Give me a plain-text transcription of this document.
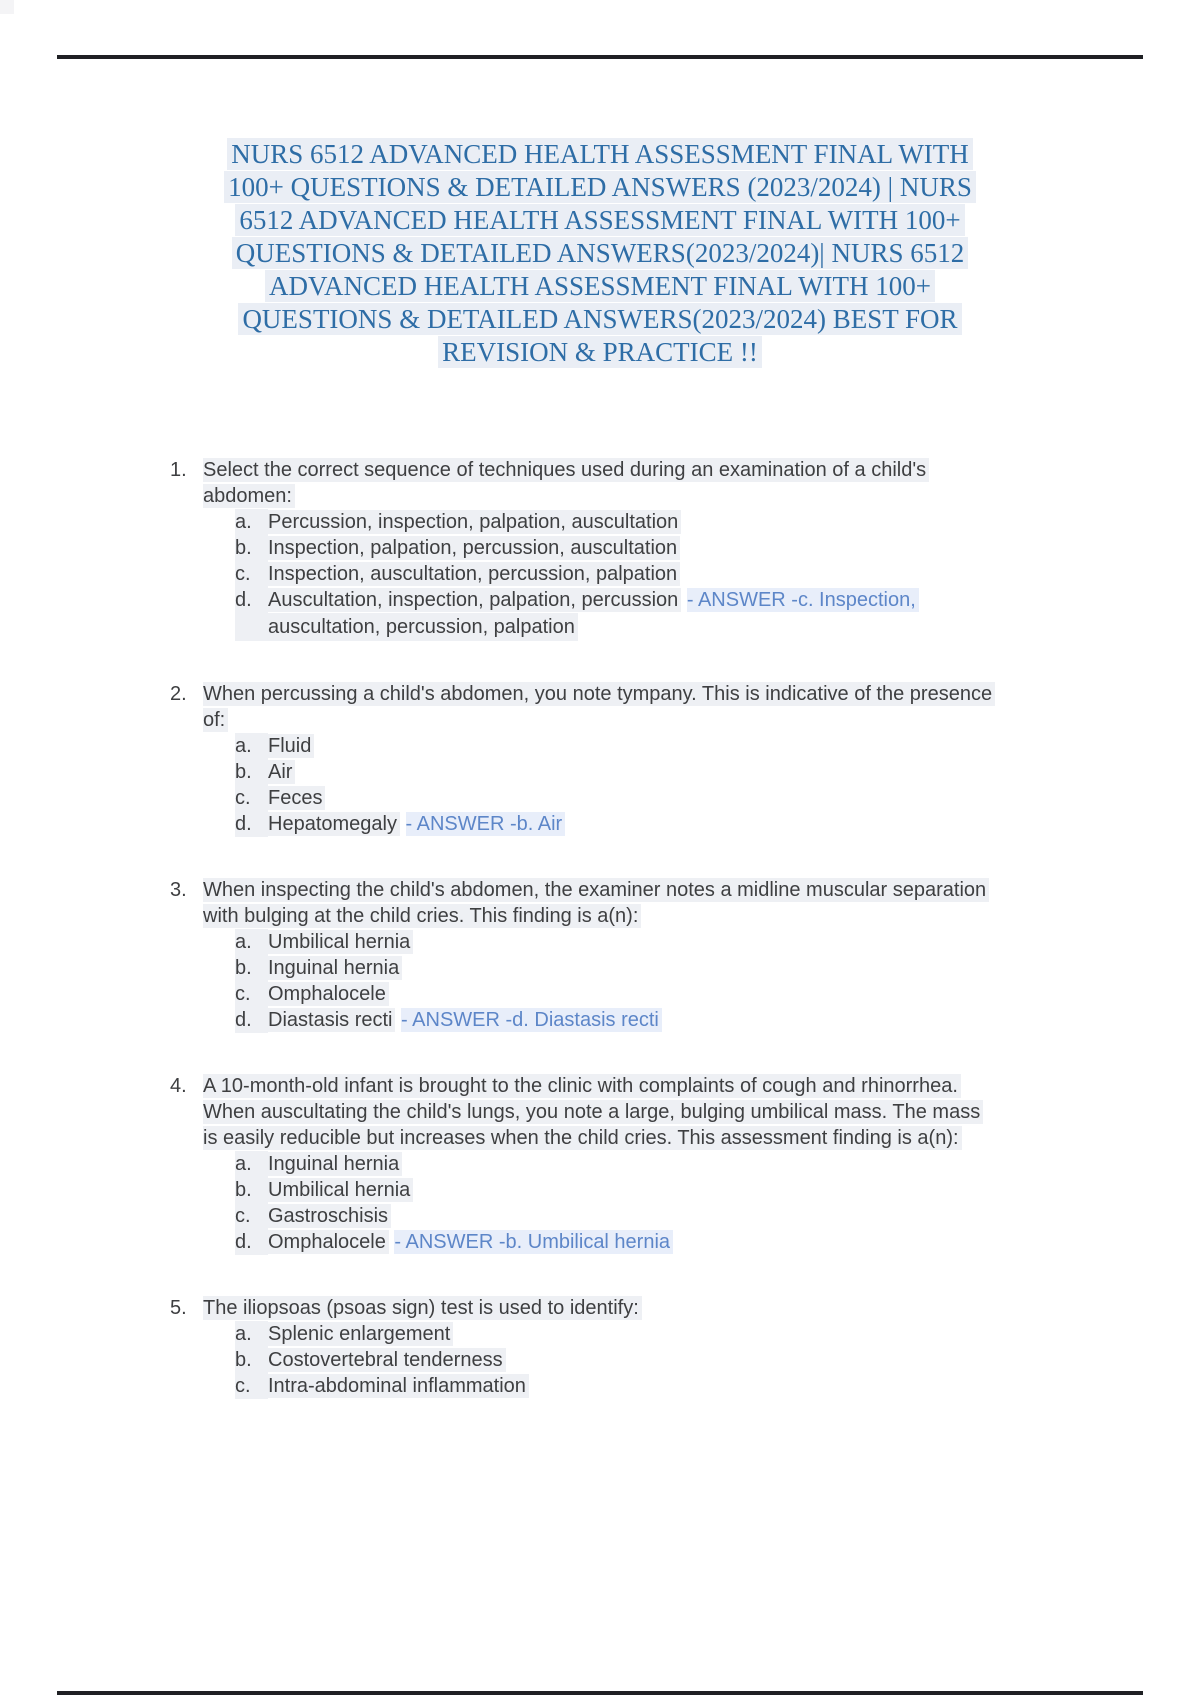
NURS 6512 ADVANCED HEALTH ASSESSMENT FINAL WITH
100+ QUESTIONS & DETAILED ANSWERS (2023/2024) | NURS
6512 ADVANCED HEALTH ASSESSMENT FINAL WITH 100+
QUESTIONS & DETAILED ANSWERS(2023/2024)| NURS 6512
ADVANCED HEALTH ASSESSMENT FINAL WITH 100+
QUESTIONS & DETAILED ANSWERS(2023/2024) BEST FOR
REVISION & PRACTICE !!
1. Select the correct sequence of techniques used during an examination of a child's abdomen:
a. Percussion, inspection, palpation, auscultation
b. Inspection, palpation, percussion, auscultation
c. Inspection, auscultation, percussion, palpation
d. Auscultation, inspection, palpation, percussion - ANSWER -c. Inspection,
auscultation, percussion, palpation
2. When percussing a child's abdomen, you note tympany. This is indicative of the presence of:
a. Fluid
b. Air
c. Feces
d. Hepatomegaly - ANSWER -b. Air
3. When inspecting the child's abdomen, the examiner notes a midline muscular separation with bulging at the child cries. This finding is a(n):
a. Umbilical hernia
b. Inguinal hernia
c. Omphalocele
d. Diastasis recti - ANSWER -d. Diastasis recti
4. A 10-month-old infant is brought to the clinic with complaints of cough and rhinorrhea. When auscultating the child's lungs, you note a large, bulging umbilical mass. The mass is easily reducible but increases when the child cries. This assessment finding is a(n):
a. Inguinal hernia
b. Umbilical hernia
c. Gastroschisis
d. Omphalocele - ANSWER -b. Umbilical hernia
5. The iliopsoas (psoas sign) test is used to identify:
a. Splenic enlargement
b. Costovertebral tenderness
c. Intra-abdominal inflammation
